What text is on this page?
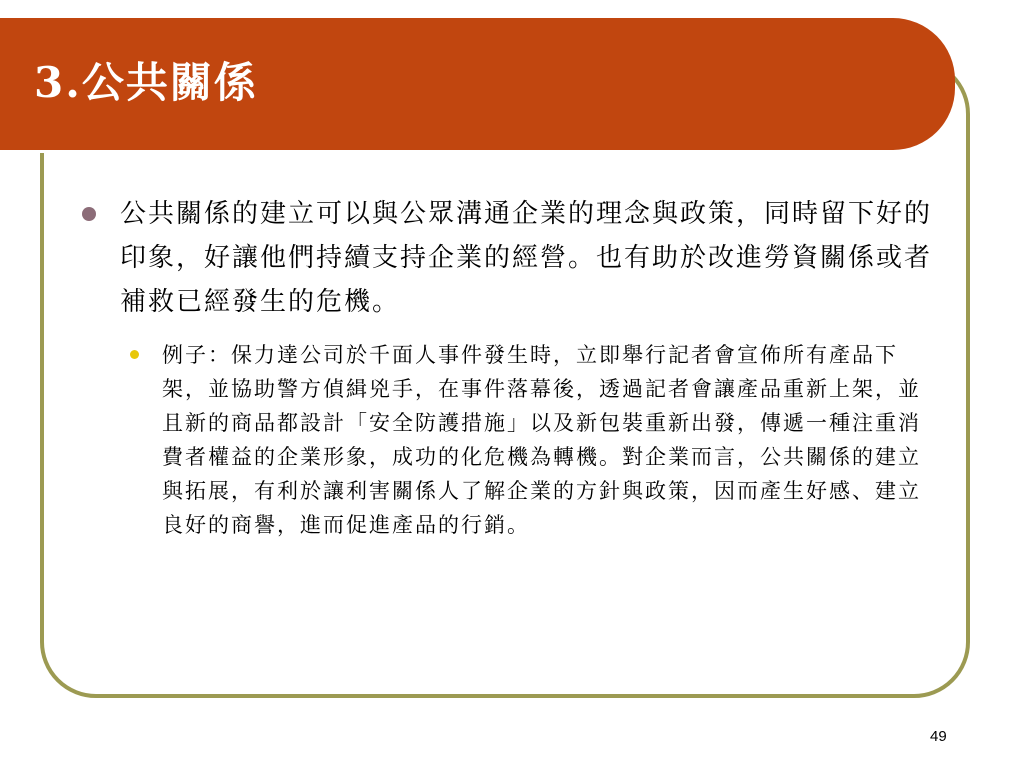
3.公共關係
公共關係的建立可以與公眾溝通企業的理念與政策，同時留下好的印象，好讓他們持續支持企業的經營。也有助於改進勞資關係或者補救已經發生的危機。
例子：保力達公司於千面人事件發生時，立即舉行記者會宣佈所有產品下架，並協助警方偵緝兇手，在事件落幕後，透過記者會讓產品重新上架，並且新的商品都設計「安全防護措施」以及新包裝重新出發，傳遞一種注重消費者權益的企業形象，成功的化危機為轉機。對企業而言，公共關係的建立與拓展，有利於讓利害關係人了解企業的方針與政策，因而產生好感、建立良好的商譽，進而促進產品的行銷。
49
